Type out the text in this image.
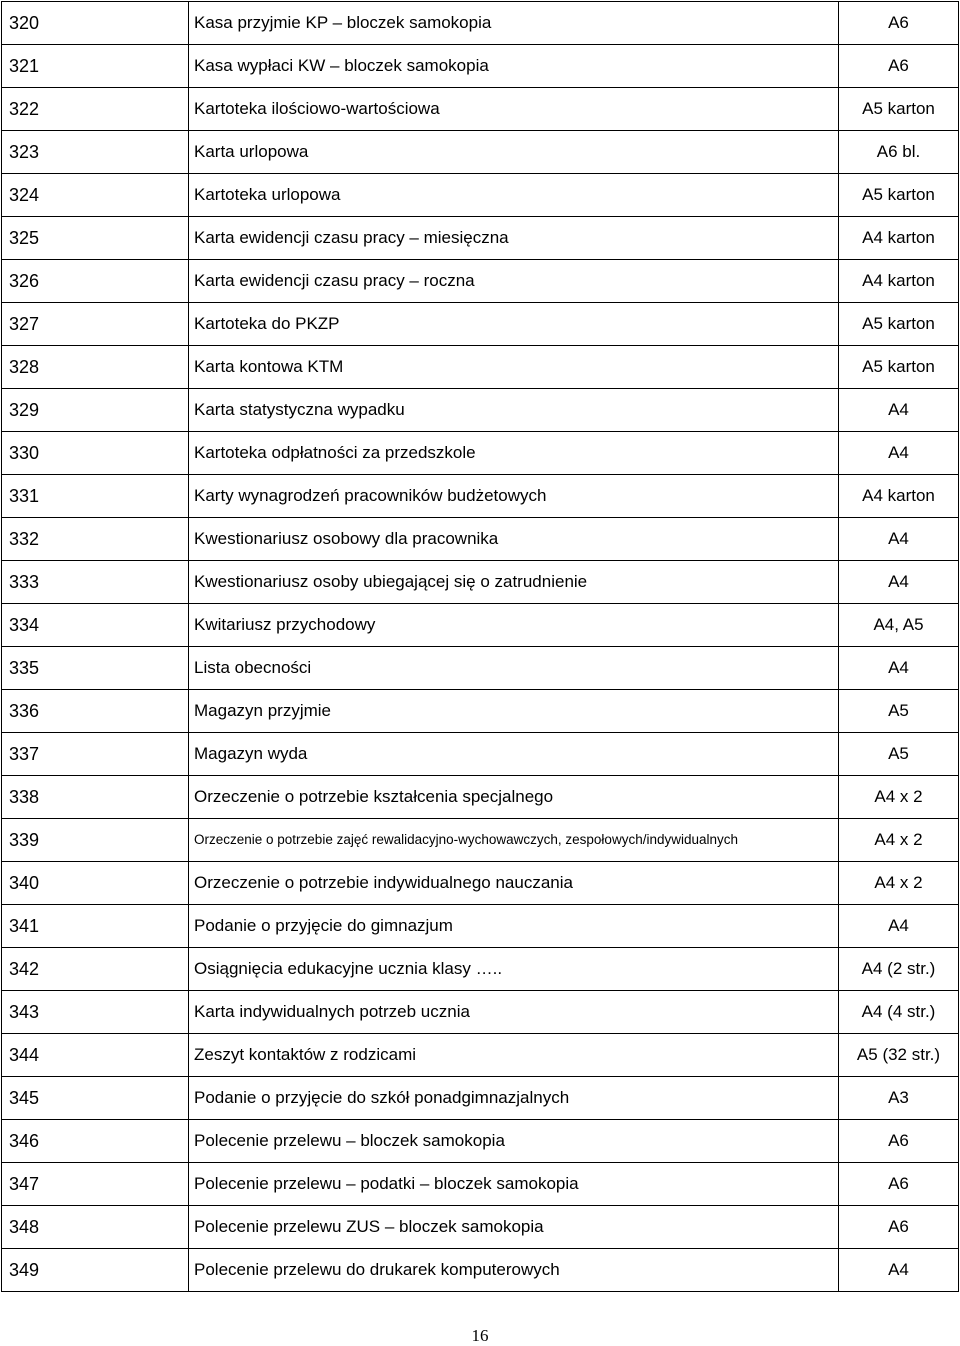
320	Kasa przyjmie KP – bloczek samokopia	A6
321	Kasa wypłaci KW – bloczek samokopia	A6
322	Kartoteka ilościowo-wartościowa	A5 karton
323	Karta urlopowa	A6 bl.
324	Kartoteka urlopowa	A5 karton
325	Karta ewidencji czasu pracy – miesięczna	A4 karton
326	Karta ewidencji czasu pracy – roczna	A4 karton
327	Kartoteka do PKZP	A5 karton
328	Karta kontowa KTM	A5 karton
329	Karta statystyczna wypadku	A4
330	Kartoteka odpłatności za przedszkole	A4
331	Karty wynagrodzeń pracowników budżetowych	A4 karton
332	Kwestionariusz osobowy dla pracownika	A4
333	Kwestionariusz osoby ubiegającej się o zatrudnienie	A4
334	Kwitariusz przychodowy	A4, A5
335	Lista obecności	A4
336	Magazyn przyjmie	A5
337	Magazyn wyda	A5
338	Orzeczenie o potrzebie kształcenia specjalnego	A4 x 2
339	Orzeczenie o potrzebie zajęć rewalidacyjno-wychowawczych, zespołowych/indywidualnych	A4 x 2
340	Orzeczenie o potrzebie indywidualnego nauczania	A4 x 2
341	Podanie o przyjęcie do gimnazjum	A4
342	Osiągnięcia edukacyjne ucznia klasy …..	A4 (2 str.)
343	Karta indywidualnych potrzeb ucznia	A4 (4 str.)
344	Zeszyt kontaktów z rodzicami	A5 (32 str.)
345	Podanie o przyjęcie do szkół ponadgimnazjalnych	A3
346	Polecenie przelewu – bloczek samokopia	A6
347	Polecenie przelewu – podatki – bloczek samokopia	A6
348	Polecenie przelewu ZUS – bloczek samokopia	A6
349	Polecenie przelewu do drukarek komputerowych	A4
16
